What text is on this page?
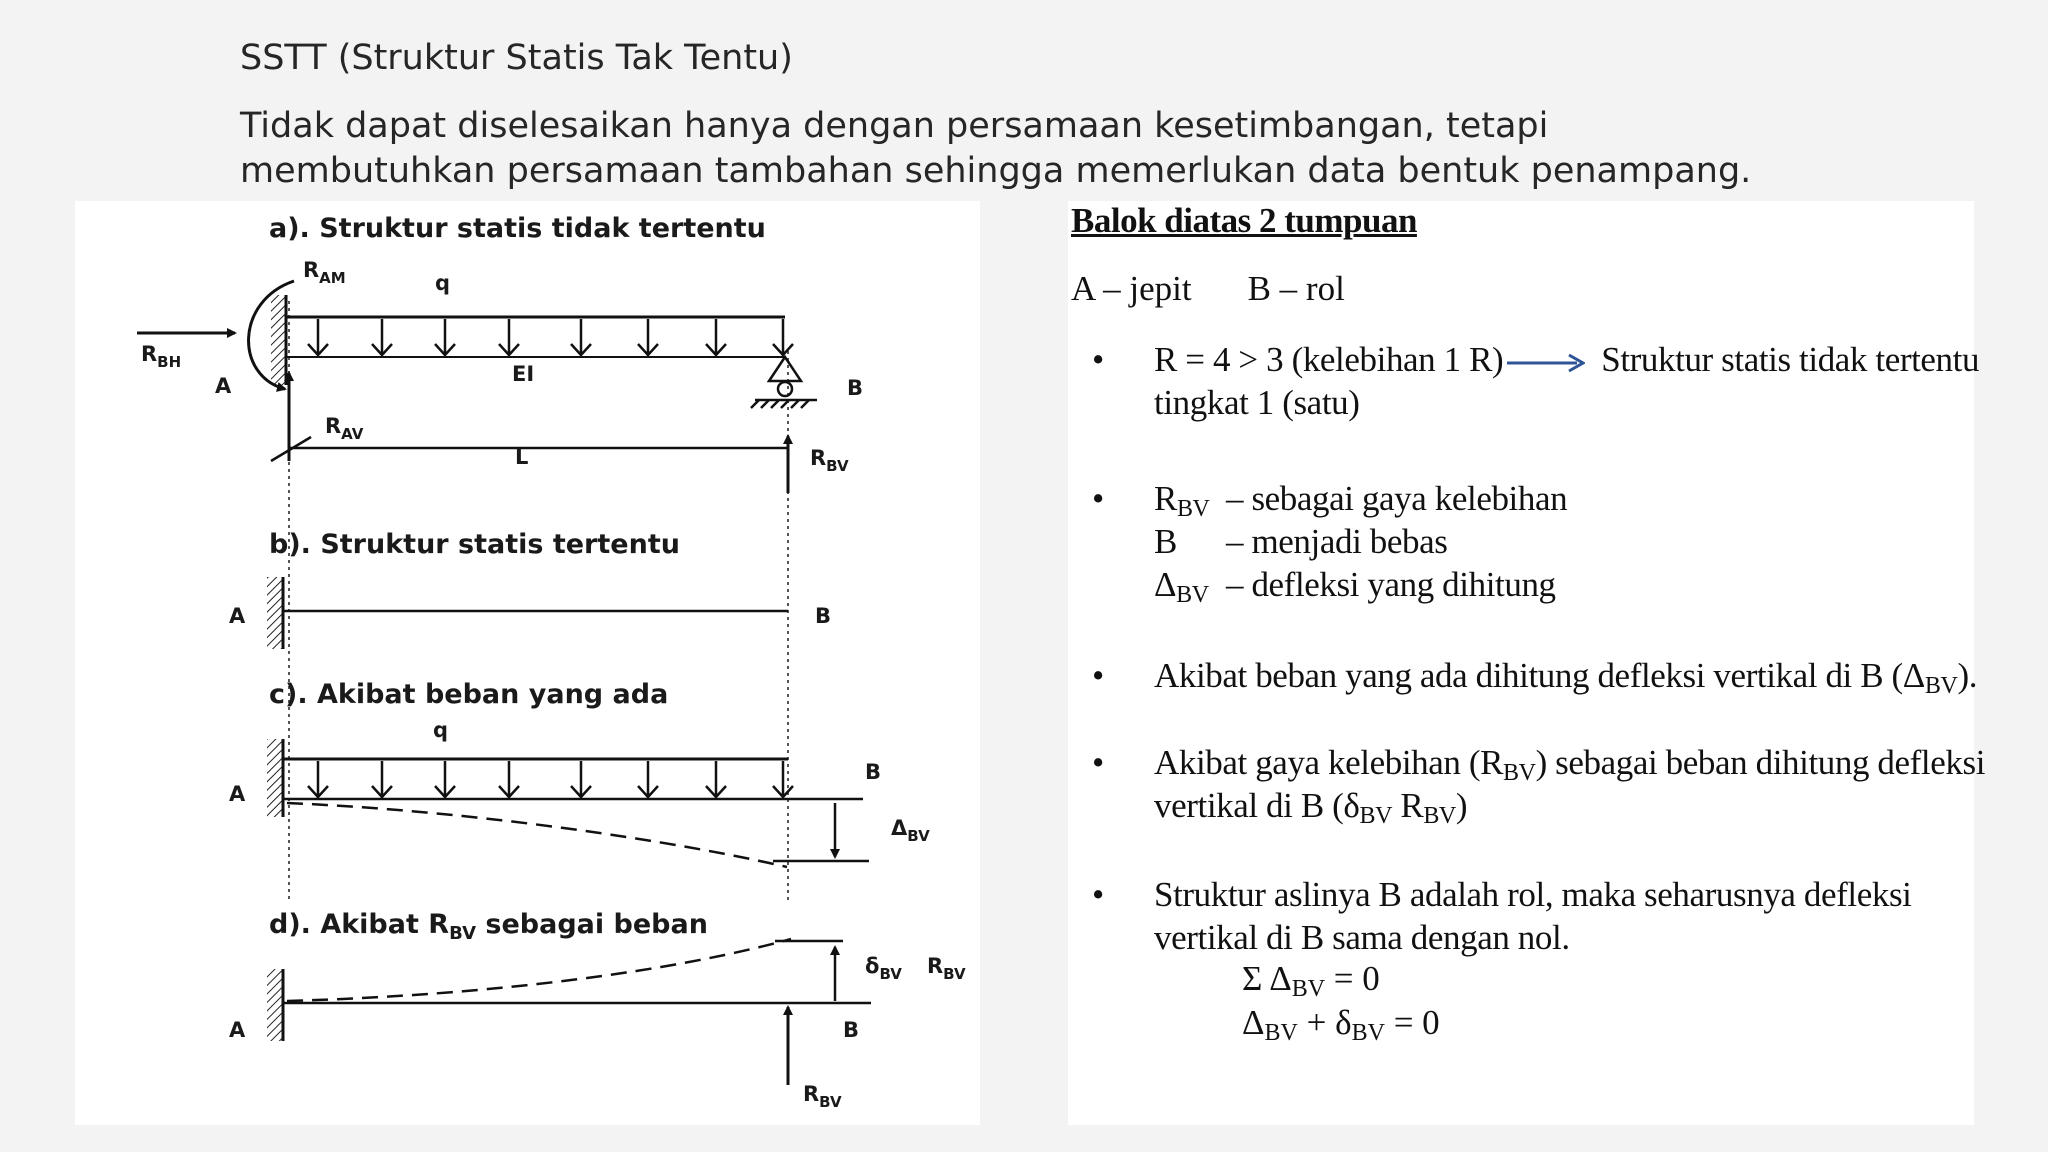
SSTT (Struktur Statis Tak Tentu)
Tidak dapat diselesaikan hanya dengan persamaan kesetimbangan, tetapi membutuhkan persamaan tambahan sehingga memerlukan data bentuk penampang.
a). Struktur statis tidak tertentu
q
$R_{AM}$
$R_{BH}$
A
$R_{AV}$
EI
B
L	$R_{BV}$
b). Struktur statis tertentu
A	B
c). Akibat beban yang ada
q
A
B
$\Delta_{BV}$
d). Akibat $R_{BV}$ sebagai beban
$\delta_{BV}$ $R_{BV}$
A	B
$R_{BV}$
Balok diatas 2 tumpuan
A – jepit B – rol
• R = 4 > 3 (kelebihan 1 R)	Struktur statis tidak tertentu
tingkat 1 (satu)
• $R_{BV}$ – sebagai gaya kelebihan
B – menjadi bebas
$\Delta_{BV}$ – defleksi yang dihitung
• Akibat beban yang ada dihitung defleksi vertikal di B $(\Delta_{BV})$.
• Akibat gaya kelebihan $(R_{BV})$ sebagai beban dihitung defleksi
vertikal di B ($\delta_{BV}$ $R_{BV}$)
• Struktur aslinya B adalah rol, maka seharusnya defleksi
vertikal di B sama dengan nol.
Σ $\Delta_{BV} = 0$
$\Delta_{BV} + \delta_{BV} = 0$
